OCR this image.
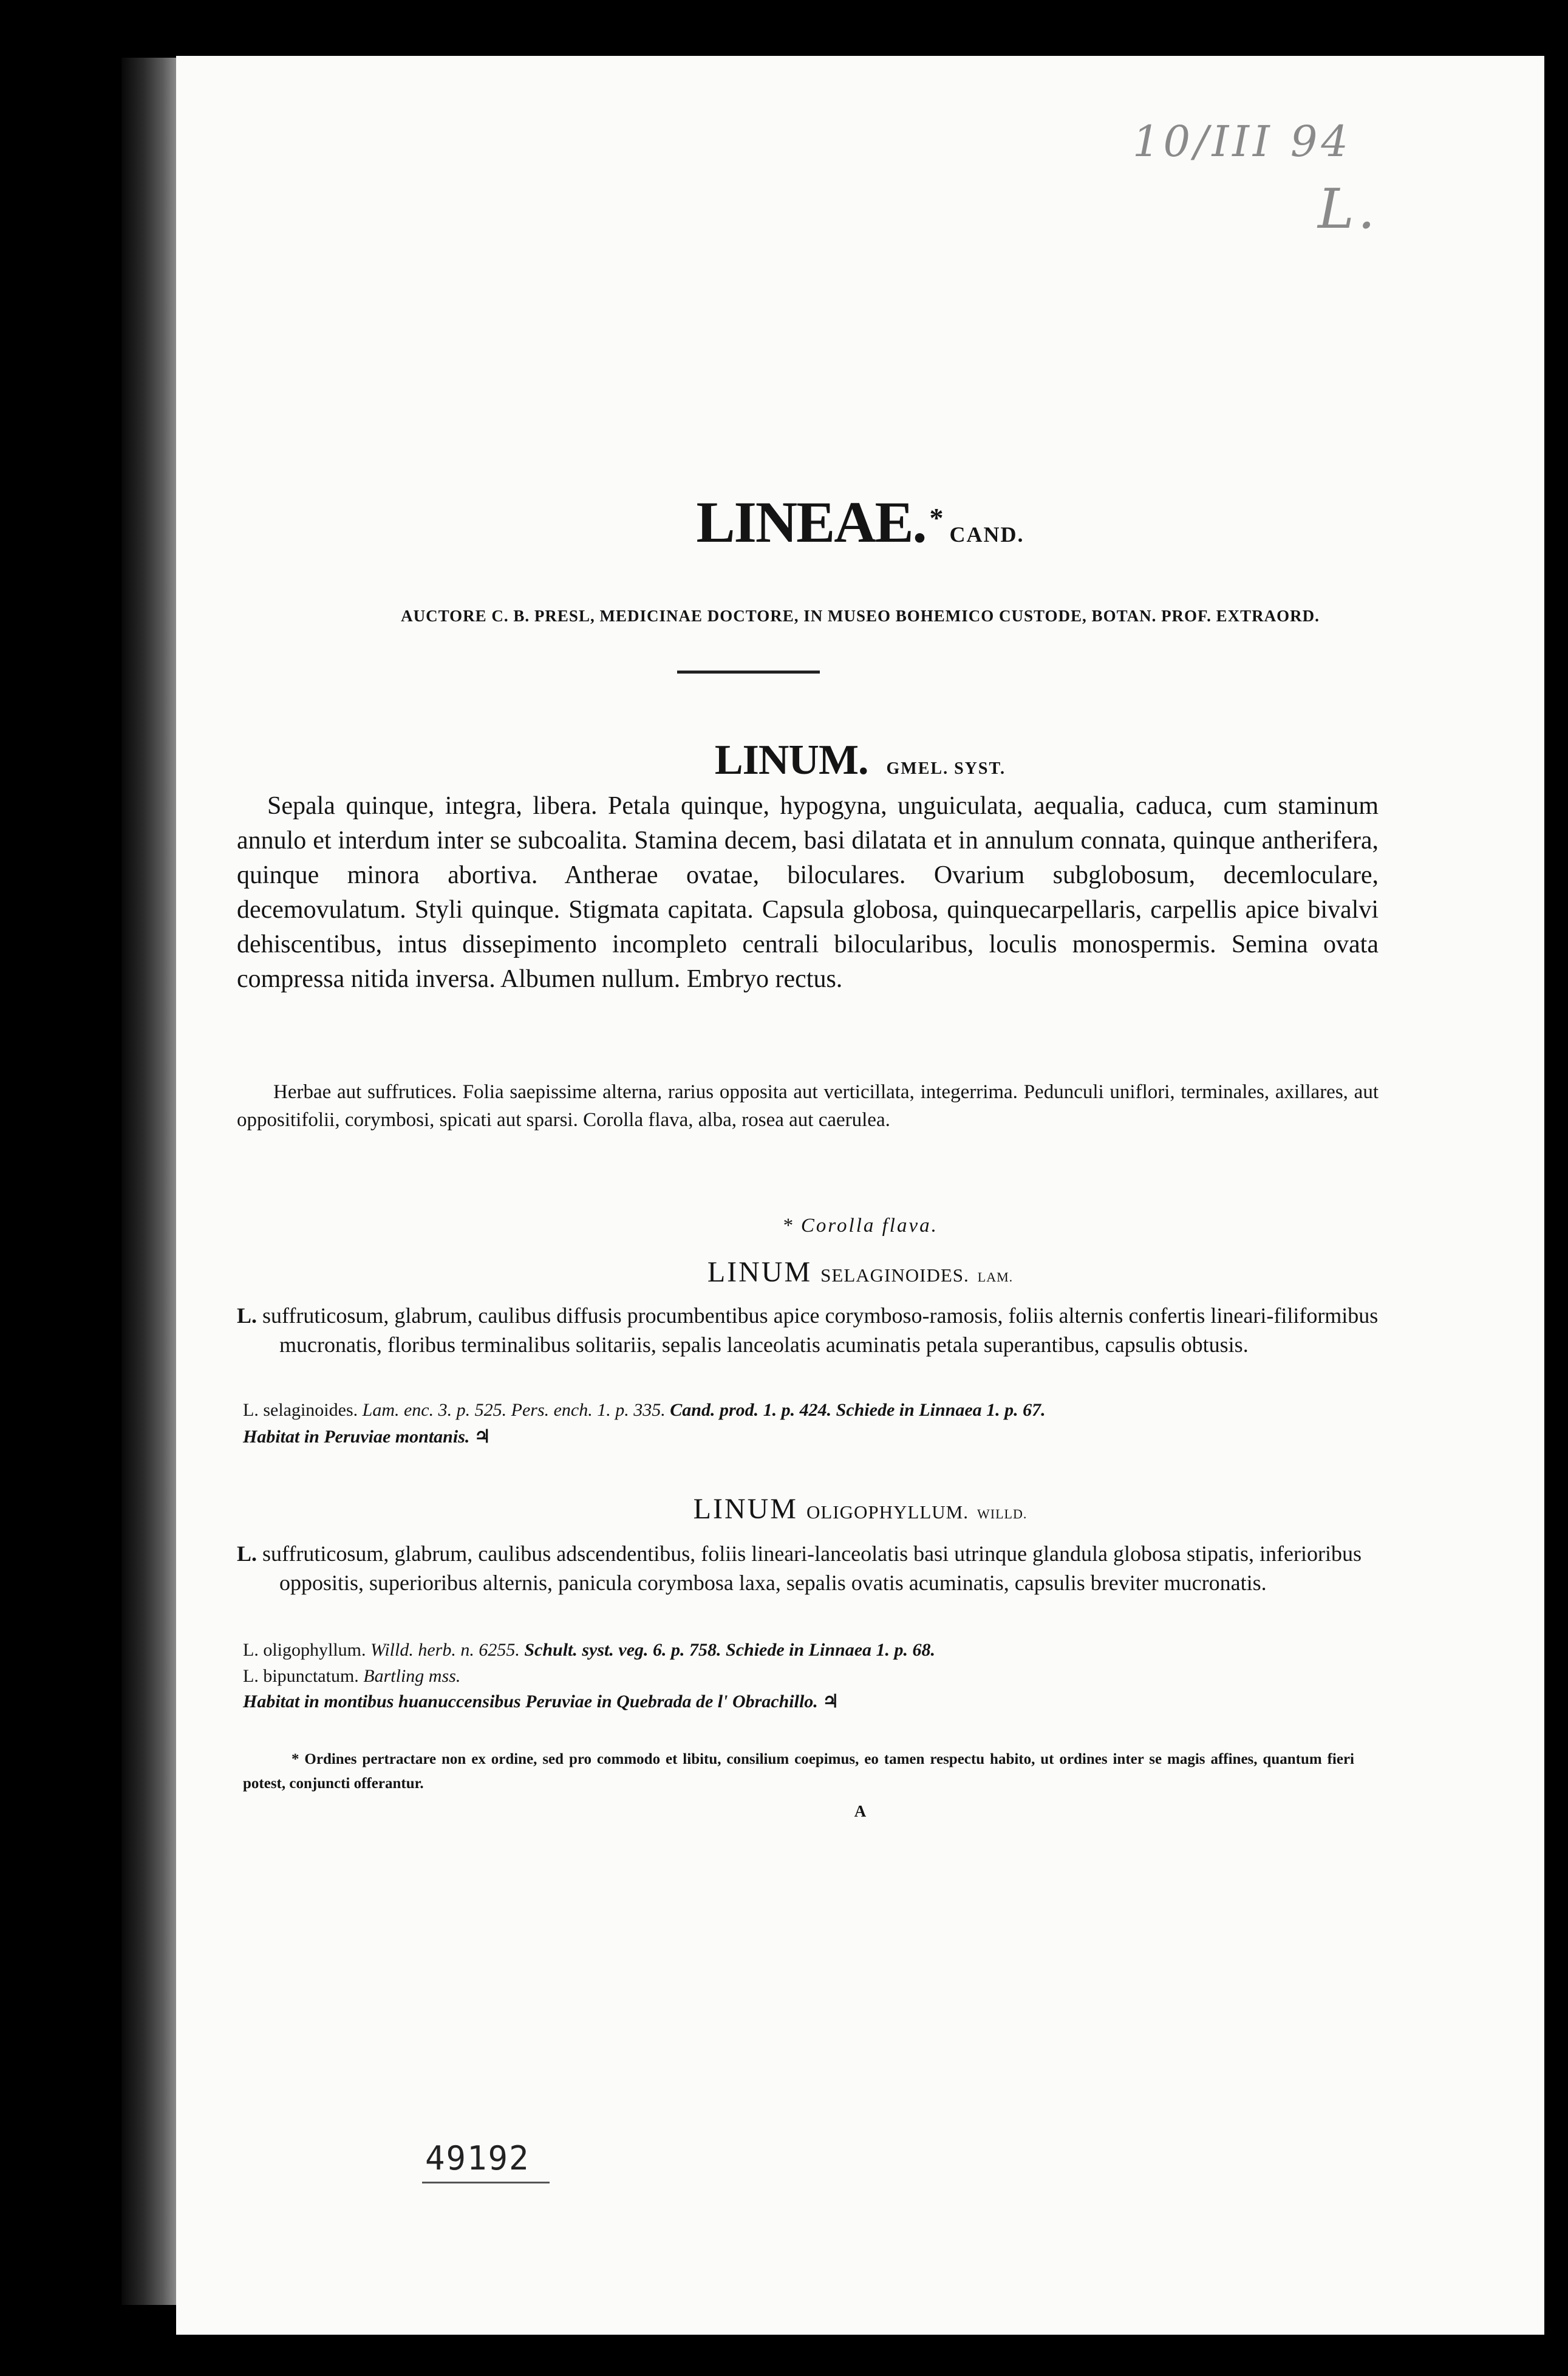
10/III 94
L.
LINEAE. *CAND.
AUCTORE C. B. PRESL, MEDICINAE DOCTORE, IN MUSEO BOHEMICO CUSTODE, BOTAN. PROF. EXTRAORD.
LINUM. GMEL. SYST.
Sepala quinque, integra, libera. Petala quinque, hypogyna, unguiculata, aequalia, caduca, cum staminum annulo et interdum inter se subcoalita. Stamina decem, basi dilatata et in annulum connata, quinque antherifera, quinque minora abortiva. Antherae ovatae, biloculares. Ovarium subglobosum, decemloculare, decemovulatum. Styli quinque. Stigmata capitata. Capsula globosa, quinquecarpellaris, carpellis apice bivalvi dehiscentibus, intus dissepimento incompleto centrali bilocularibus, loculis monospermis. Semina ovata compressa nitida inversa. Albumen nullum. Embryo rectus.
Herbae aut suffrutices. Folia saepissime alterna, rarius opposita aut verticillata, integerrima. Pedunculi uniflori, terminales, axillares, aut oppositifolii, corymbosi, spicati aut sparsi. Corolla flava, alba, rosea aut caerulea.
* Corolla flava.
LINUM SELAGINOIDES. LAM.
L. suffruticosum, glabrum, caulibus diffusis procumbentibus apice corymboso-ramosis, foliis alternis confertis lineari-filiformibus mucronatis, floribus terminalibus solitariis, sepalis lanceolatis acuminatis petala superantibus, capsulis obtusis.
L. selaginoides. Lam. enc. 3. p. 525. Pers. ench. 1. p. 335. Cand. prod. 1. p. 424. Schiede in Linnaea 1. p. 67.
Habitat in Peruviae montanis. ♃
LINUM OLIGOPHYLLUM. WILLD.
L. suffruticosum, glabrum, caulibus adscendentibus, foliis lineari-lanceolatis basi utrinque glandula globosa stipatis, inferioribus oppositis, superioribus alternis, panicula corymbosa laxa, sepalis ovatis acuminatis, capsulis breviter mucronatis.
L. oligophyllum. Willd. herb. n. 6255. Schult. syst. veg. 6. p. 758. Schiede in Linnaea 1. p. 68.
L. bipunctatum. Bartling mss.
Habitat in montibus huanuccensibus Peruviae in Quebrada de l' Obrachillo. ♃
* Ordines pertractare non ex ordine, sed pro commodo et libitu, consilium coepimus, eo tamen respectu habito, ut ordines inter se magis affines, quantum fieri potest, conjuncti offerantur.
A
49192
